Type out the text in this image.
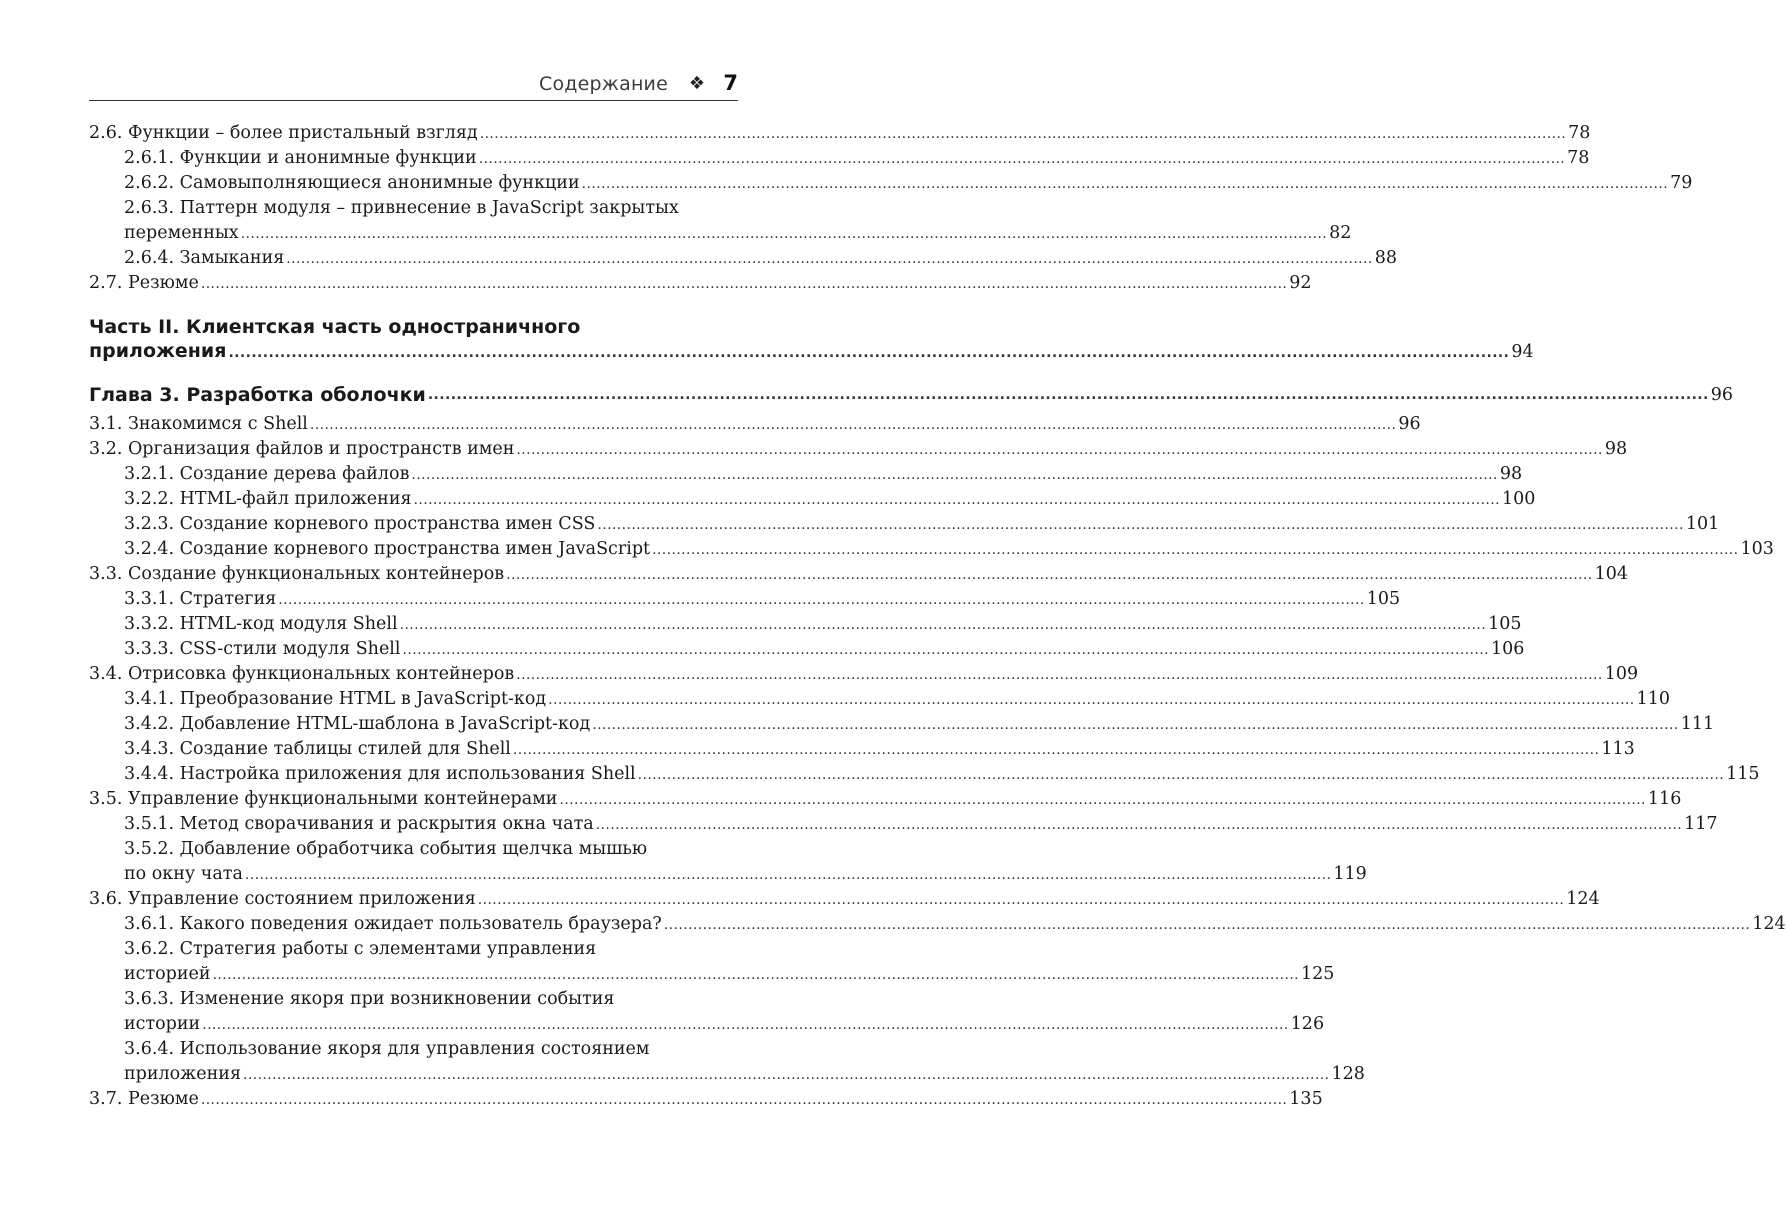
Содержание ❖ 7
2.6. Функции – более пристальный взгляд ................................................................................................................................................................................................................................ 78
2.6.1. Функции и анонимные функции ................................................................................................................................................................................................................................ 78
2.6.2. Самовыполняющиеся анонимные функции ................................................................................................................................................................................................................................ 79
2.6.3. Паттерн модуля – привнесение в JavaScript закрытых
переменных ................................................................................................................................................................................................................................ 82
2.6.4. Замыкания ................................................................................................................................................................................................................................ 88
2.7. Резюме ................................................................................................................................................................................................................................ 92
Часть II. Клиентская часть одностраничного
приложения ................................................................................................................................................................................................................................ 94
Глава 3. Разработка оболочки ................................................................................................................................................................................................................................ 96
3.1. Знакомимся с Shell ................................................................................................................................................................................................................................ 96
3.2. Организация файлов и пространств имен ................................................................................................................................................................................................................................ 98
3.2.1. Создание дерева файлов ................................................................................................................................................................................................................................ 98
3.2.2. HTML-файл приложения ................................................................................................................................................................................................................................ 100
3.2.3. Создание корневого пространства имен CSS ................................................................................................................................................................................................................................ 101
3.2.4. Создание корневого пространства имен JavaScript ................................................................................................................................................................................................................................ 103
3.3. Создание функциональных контейнеров ................................................................................................................................................................................................................................ 104
3.3.1. Стратегия ................................................................................................................................................................................................................................ 105
3.3.2. HTML-код модуля Shell ................................................................................................................................................................................................................................ 105
3.3.3. CSS-стили модуля Shell ................................................................................................................................................................................................................................ 106
3.4. Отрисовка функциональных контейнеров ................................................................................................................................................................................................................................ 109
3.4.1. Преобразование HTML в JavaScript-код ................................................................................................................................................................................................................................ 110
3.4.2. Добавление HTML-шаблона в JavaScript-код ................................................................................................................................................................................................................................ 111
3.4.3. Создание таблицы стилей для Shell ................................................................................................................................................................................................................................ 113
3.4.4. Настройка приложения для использования Shell ................................................................................................................................................................................................................................ 115
3.5. Управление функциональными контейнерами ................................................................................................................................................................................................................................ 116
3.5.1. Метод сворачивания и раскрытия окна чата ................................................................................................................................................................................................................................ 117
3.5.2. Добавление обработчика события щелчка мышью
по окну чата ................................................................................................................................................................................................................................ 119
3.6. Управление состоянием приложения ................................................................................................................................................................................................................................ 124
3.6.1. Какого поведения ожидает пользователь браузера? ................................................................................................................................................................................................................................ 124
3.6.2. Стратегия работы с элементами управления
историей ................................................................................................................................................................................................................................ 125
3.6.3. Изменение якоря при возникновении события
истории ................................................................................................................................................................................................................................ 126
3.6.4. Использование якоря для управления состоянием
приложения ................................................................................................................................................................................................................................ 128
3.7. Резюме ................................................................................................................................................................................................................................ 135
